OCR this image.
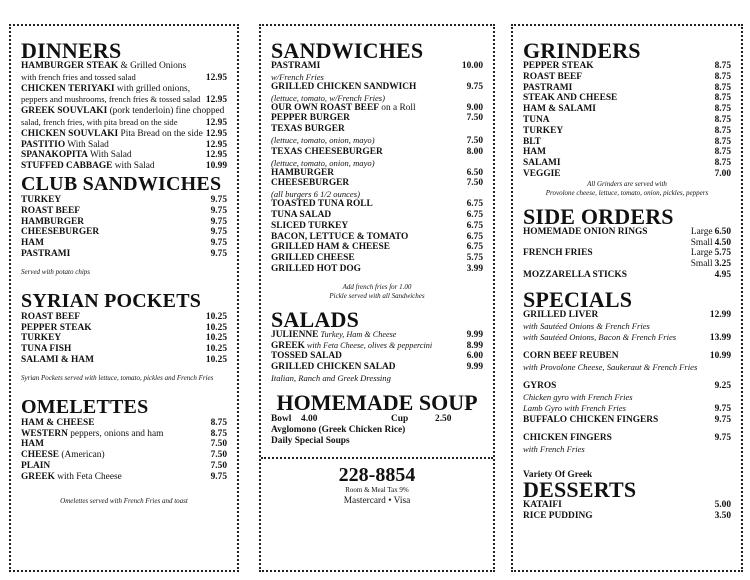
DINNERS
HAMBURGER STEAK & Grilled Onions
with french fries and tossed salad	12.95
CHICKEN TERIYAKI with grilled onions,
peppers and mushrooms, french fries & tossed salad 12.95
GREEK SOUVLAKI (pork tenderloin) fine chopped
salad, french fries, with pita bread on the side	12.95
CHICKEN SOUVLAKI Pita Bread on the side 12.95
PASTITIO With Salad	12.95
SPANAKOPITA With Salad	12.95
STUFFED CABBAGE with Salad	10.99
CLUB SANDWICHES
TURKEY	9.75
ROAST BEEF	9.75
HAMBURGER	9.75
CHEESEBURGER	9.75
HAM	9.75
PASTRAMI	9.75
Served with potato chips
SYRIAN POCKETS
ROAST BEEF	10.25
PEPPER STEAK	10.25
TURKEY	10.25
TUNA FISH	10.25
SALAMI & HAM	10.25
Syrian Pockets served with lettuce, tomato, pickles and French Fries
OMELETTES
HAM & CHEESE	8.75
WESTERN peppers, onions and ham	8.75
HAM	7.50
CHEESE (American)	7.50
PLAIN	7.50
GREEK with Feta Cheese	9.75
Omelettes served with French Fries and toast
SANDWICHES
PASTRAMI	10.00
w/French Fries
GRILLED CHICKEN SANDWICH	9.75
(lettuce, tomato, w/French Fries)
OUR OWN ROAST BEEF on a Roll	9.00
PEPPER BURGER	7.50
TEXAS BURGER
(lettuce, tomato, onion, mayo)	7.50
TEXAS CHEESEBURGER	8.00
(lettuce, tomato, onion, mayo)
HAMBURGER	6.50
CHEESEBURGER	7.50
(all burgers 6 1/2 ounces)
TOASTED TUNA ROLL	6.75
TUNA SALAD	6.75
SLICED TURKEY	6.75
BACON, LETTUCE & TOMATO	6.75
GRILLED HAM & CHEESE	6.75
GRILLED CHEESE	5.75
GRILLED HOT DOG	3.99
Add french fries for 1.00
Pickle served with all Sandwiches
SALADS
JULIENNE Turkey, Ham & Cheese	9.99
GREEK with Feta Cheese, olives & peppercini	8.99
TOSSED SALAD	6.00
GRILLED CHICKEN SALAD	9.99
Italian, Ranch and Greek Dressing
HOMEMADE SOUP
Bowl	4.00	Cup	2.50
Avglomono (Greek Chicken Rice)
Daily Special Soups
228-8854
Room & Meal Tax 9%
Mastercard • Visa
GRINDERS
PEPPER STEAK	8.75
ROAST BEEF	8.75
PASTRAMI	8.75
STEAK AND CHEESE	8.75
HAM & SALAMI	8.75
TUNA	8.75
TURKEY	8.75
BLT	8.75
HAM	8.75
SALAMI	8.75
VEGGIE	7.00
All Grinders are served with
Provolone cheese, lettuce, tomato, onion, pickles, peppers
SIDE ORDERS
HOMEMADE ONION RINGS	Large 6.50
Small 4.50
FRENCH FRIES	Large 5.75
Small 3.25
MOZZARELLA STICKS	4.95
SPECIALS
GRILLED LIVER	12.99
with Sautéed Onions & French Fries
with Sautéed Onions, Bacon & French Fries	13.99
CORN BEEF REUBEN	10.99
with Provolone Cheese, Saukeraut & French Fries
GYROS	9.25
Chicken gyro with French Fries
Lamb Gyro with French Fries	9.75
BUFFALO CHICKEN FINGERS	9.75
CHICKEN FINGERS	9.75
with French Fries
Variety Of Greek
DESSERTS
KATAIFI	5.00
RICE PUDDING	3.50
